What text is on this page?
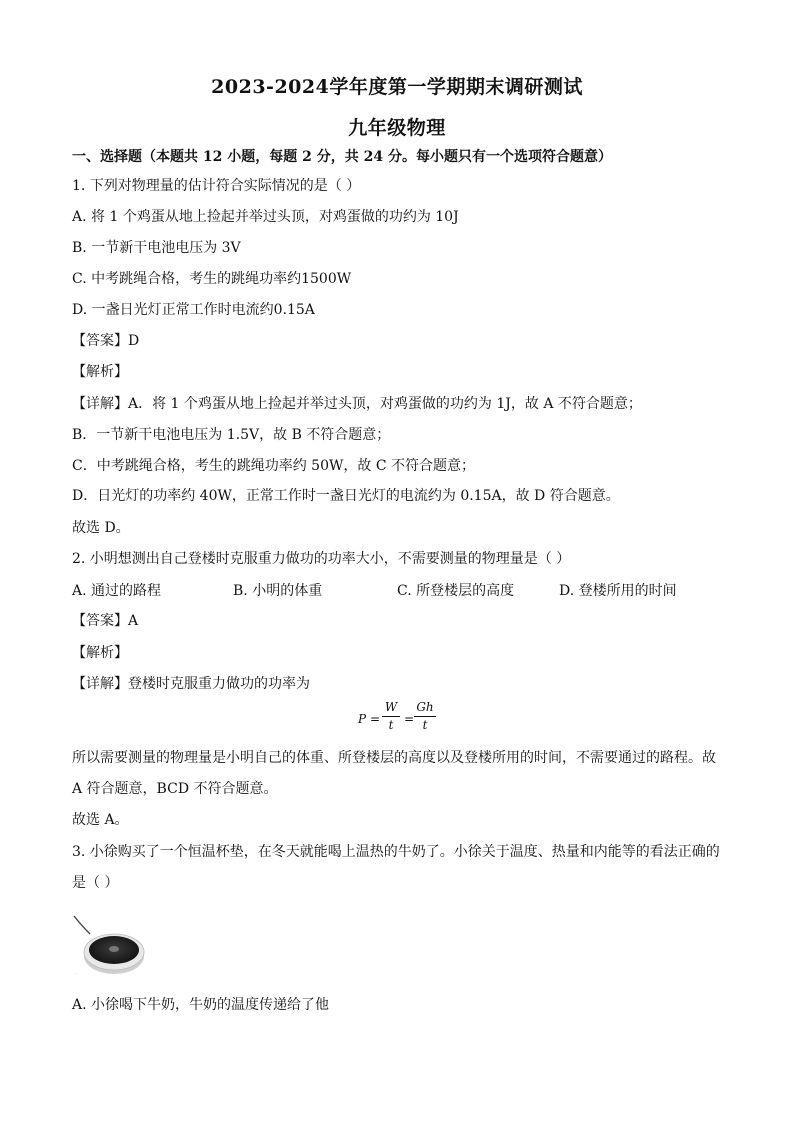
2023-2024学年度第一学期期末调研测试
九年级物理
一、选择题（本题共 12 小题，每题 2 分，共 24 分。每小题只有一个选项符合题意）
1. 下列对物理量的估计符合实际情况的是（ ）
A. 将 1 个鸡蛋从地上捡起并举过头顶，对鸡蛋做的功约为 10J
B. 一节新干电池电压为 3V
C. 中考跳绳合格，考生的跳绳功率约1500W
D. 一盏日光灯正常工作时电流约0.15A
【答案】D
【解析】
【详解】A．将 1 个鸡蛋从地上捡起并举过头顶，对鸡蛋做的功约为 1J，故 A 不符合题意；
B．一节新干电池电压为 1.5V，故 B 不符合题意；
C．中考跳绳合格，考生的跳绳功率约 50W，故 C 不符合题意；
D．日光灯的功率约 40W，正常工作时一盏日光灯的电流约为 0.15A，故 D 符合题意。
故选 D。
2. 小明想测出自己登楼时克服重力做功的功率大小，不需要测量的物理量是（ ）
A. 通过的路程	B. 小明的体重	C. 所登楼层的高度	D. 登楼所用的时间
【答案】A
【解析】
【详解】登楼时克服重力做功的功率为
P =
W
t =
Gh
t
所以需要测量的物理量是小明自己的体重、所登楼层的高度以及登楼所用的时间，不需要通过的路程。故
A 符合题意，BCD 不符合题意。
故选 A。
3. 小徐购买了一个恒温杯垫，在冬天就能喝上温热的牛奶了。小徐关于温度、热量和内能等的看法正确的
是（ ）
.
A. 小徐喝下牛奶，牛奶的温度传递给了他
